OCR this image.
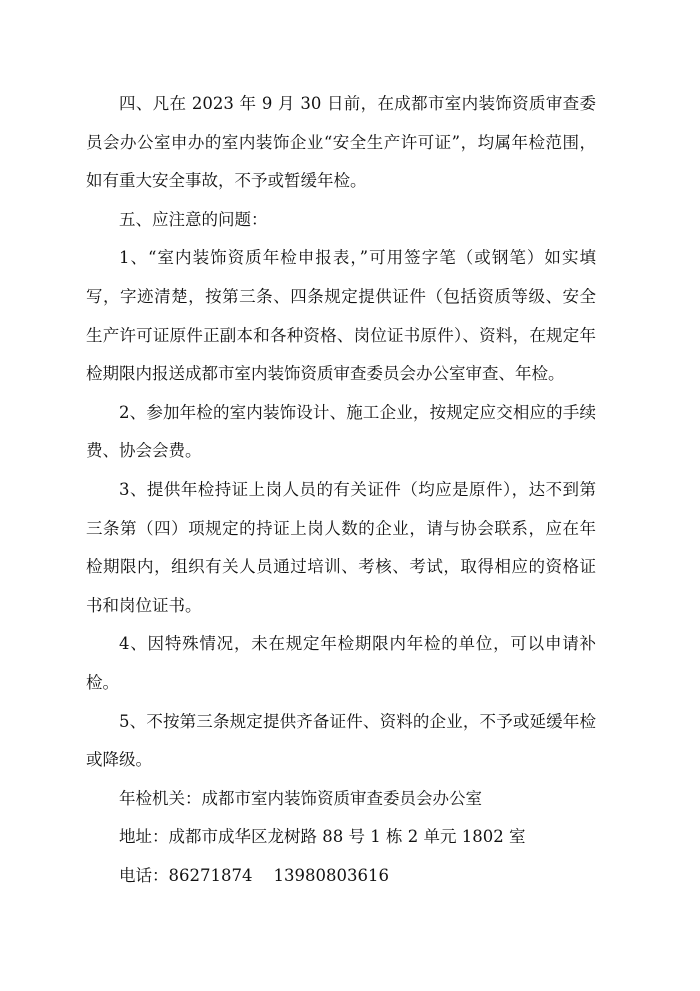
四、凡在 2023 年 9 月 30 日前，在成都市室内装饰资质审查委员会办公室申办的室内装饰企业“安全生产许可证”，均属年检范围，如有重大安全事故，不予或暂缓年检。

五、应注意的问题：

1、“室内装饰资质年检申报表，”可用签字笔（或钢笔）如实填写，字迹清楚，按第三条、四条规定提供证件（包括资质等级、安全生产许可证原件正副本和各种资格、岗位证书原件）、资料，在规定年检期限内报送成都市室内装饰资质审查委员会办公室审查、年检。

2、参加年检的室内装饰设计、施工企业，按规定应交相应的手续费、协会会费。

3、提供年检持证上岗人员的有关证件（均应是原件），达不到第三条第（四）项规定的持证上岗人数的企业，请与协会联系，应在年检期限内，组织有关人员通过培训、考核、考试，取得相应的资格证书和岗位证书。

4、因特殊情况，未在规定年检期限内年检的单位，可以申请补检。

5、不按第三条规定提供齐备证件、资料的企业，不予或延缓年检或降级。

年检机关：成都市室内装饰资质审查委员会办公室

地址：成都市成华区龙树路 88 号 1 栋 2 单元 1802 室

电话：86271874    13980803616
